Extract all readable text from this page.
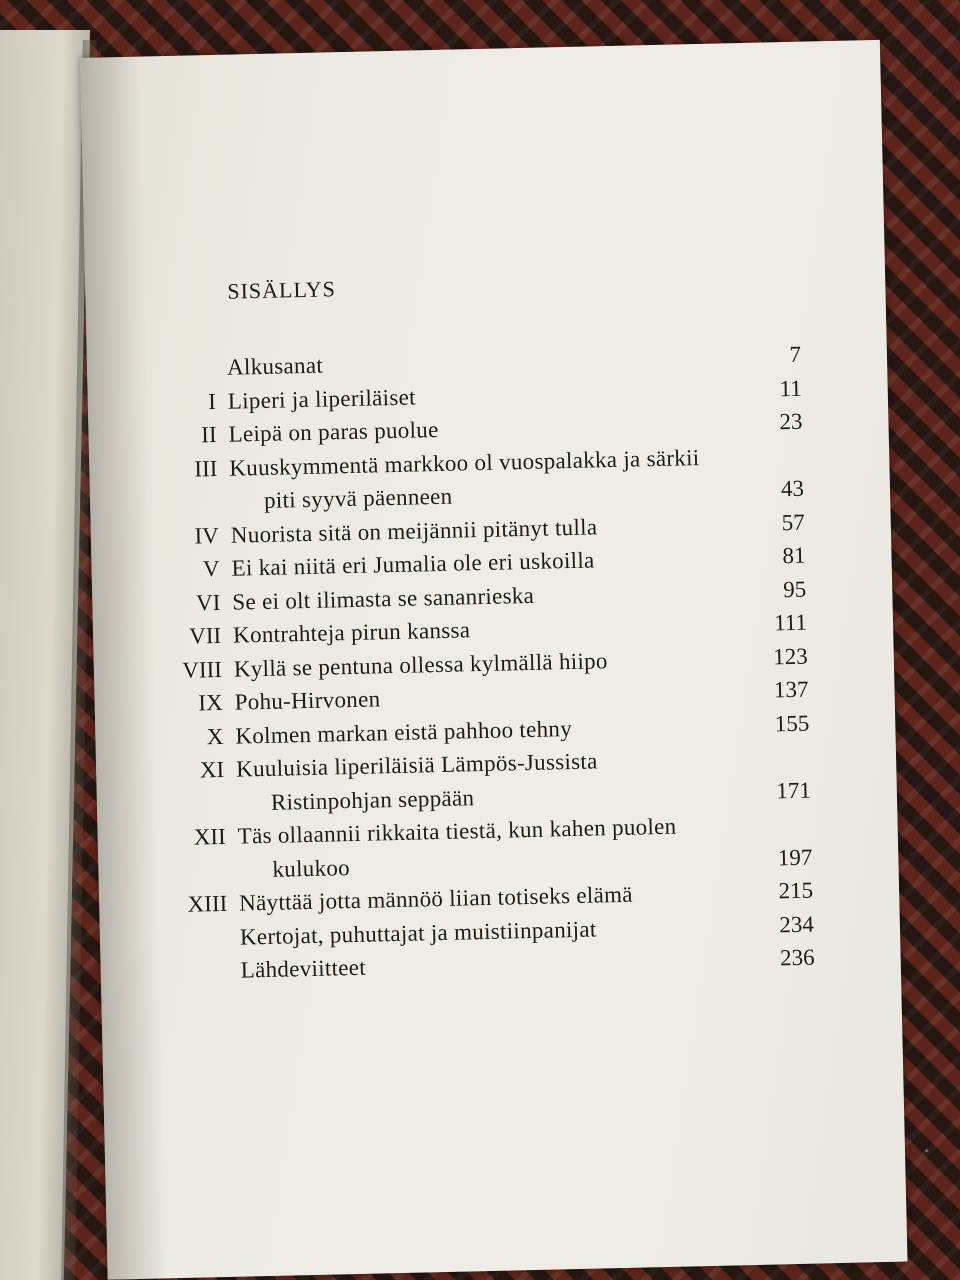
SISÄLLYS
Alkusanat	7
I Liperi ja liperiläiset	11
II Leipä on paras puolue	23
III Kuuskymmentä markkoo ol vuospalakka ja särkii
piti syyvä päenneen	43
IV Nuorista sitä on meijännii pitänyt tulla	57
V Ei kai niitä eri Jumalia ole eri uskoilla	81
VI Se ei olt ilimasta se sananrieska	95
VII Kontrahteja pirun kanssa	111
VIII Kyllä se pentuna ollessa kylmällä hiipo	123
IX Pohu-Hirvonen	137
X Kolmen markan eistä pahhoo tehny	155
XI Kuuluisia liperiläisiä Lämpös-Jussista
Ristinpohjan seppään	171
XII Täs ollaannii rikkaita tiestä, kun kahen puolen
kulukoo	197
XIII Näyttää jotta männöö liian totiseks elämä	215
Kertojat, puhuttajat ja muistiinpanijat	234
Lähdeviitteet	236
